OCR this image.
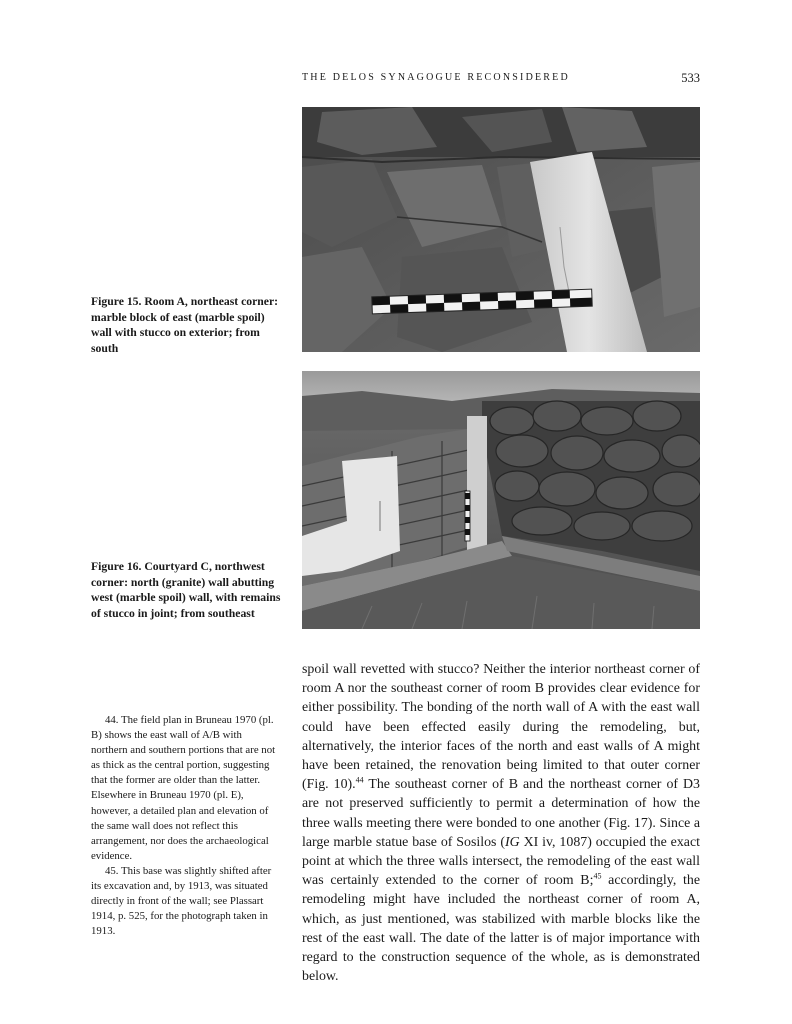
THE DELOS SYNAGOGUE RECONSIDERED	533
Figure 15. Room A, northeast corner: marble block of east (marble spoil) wall with stucco on exterior; from south
Figure 16. Courtyard C, northwest corner: north (granite) wall abutting west (marble spoil) wall, with remains of stucco in joint; from southeast

44. The field plan in Bruneau 1970 (pl. B) shows the east wall of A/B with northern and southern portions that are not as thick as the central portion, suggesting that the former are older than the latter. Elsewhere in Bruneau 1970 (pl. E), however, a detailed plan and elevation of the same wall does not reflect this arrangement, nor does the archaeological evidence.

45. This base was slightly shifted after its excavation and, by 1913, was situated directly in front of the wall; see Plassart 1914, p. 525, for the photograph taken in 1913.

spoil wall revetted with stucco? Neither the interior northeast corner of room A nor the southeast corner of room B provides clear evidence for either possibility. The bonding of the north wall of A with the east wall could have been effected easily during the remodeling, but, alternatively, the interior faces of the north and east walls of A might have been retained, the renovation being limited to that outer corner (Fig. 10).$^{44}$ The southeast corner of B and the northeast corner of D3 are not preserved sufficiently to permit a determination of how the three walls meeting there were bonded to one another (Fig. 17). Since a large marble statue base of Sosilos (IG XI iv, 1087) occupied the exact point at which the three walls intersect, the remodeling of the east wall was certainly extended to the corner of room B;$^{45}$ accordingly, the remodeling might have included the northeast corner of room A, which, as just mentioned, was stabilized with marble blocks like the rest of the east wall. The date of the latter is of major importance with regard to the construction sequence of the whole, as is demonstrated below.
